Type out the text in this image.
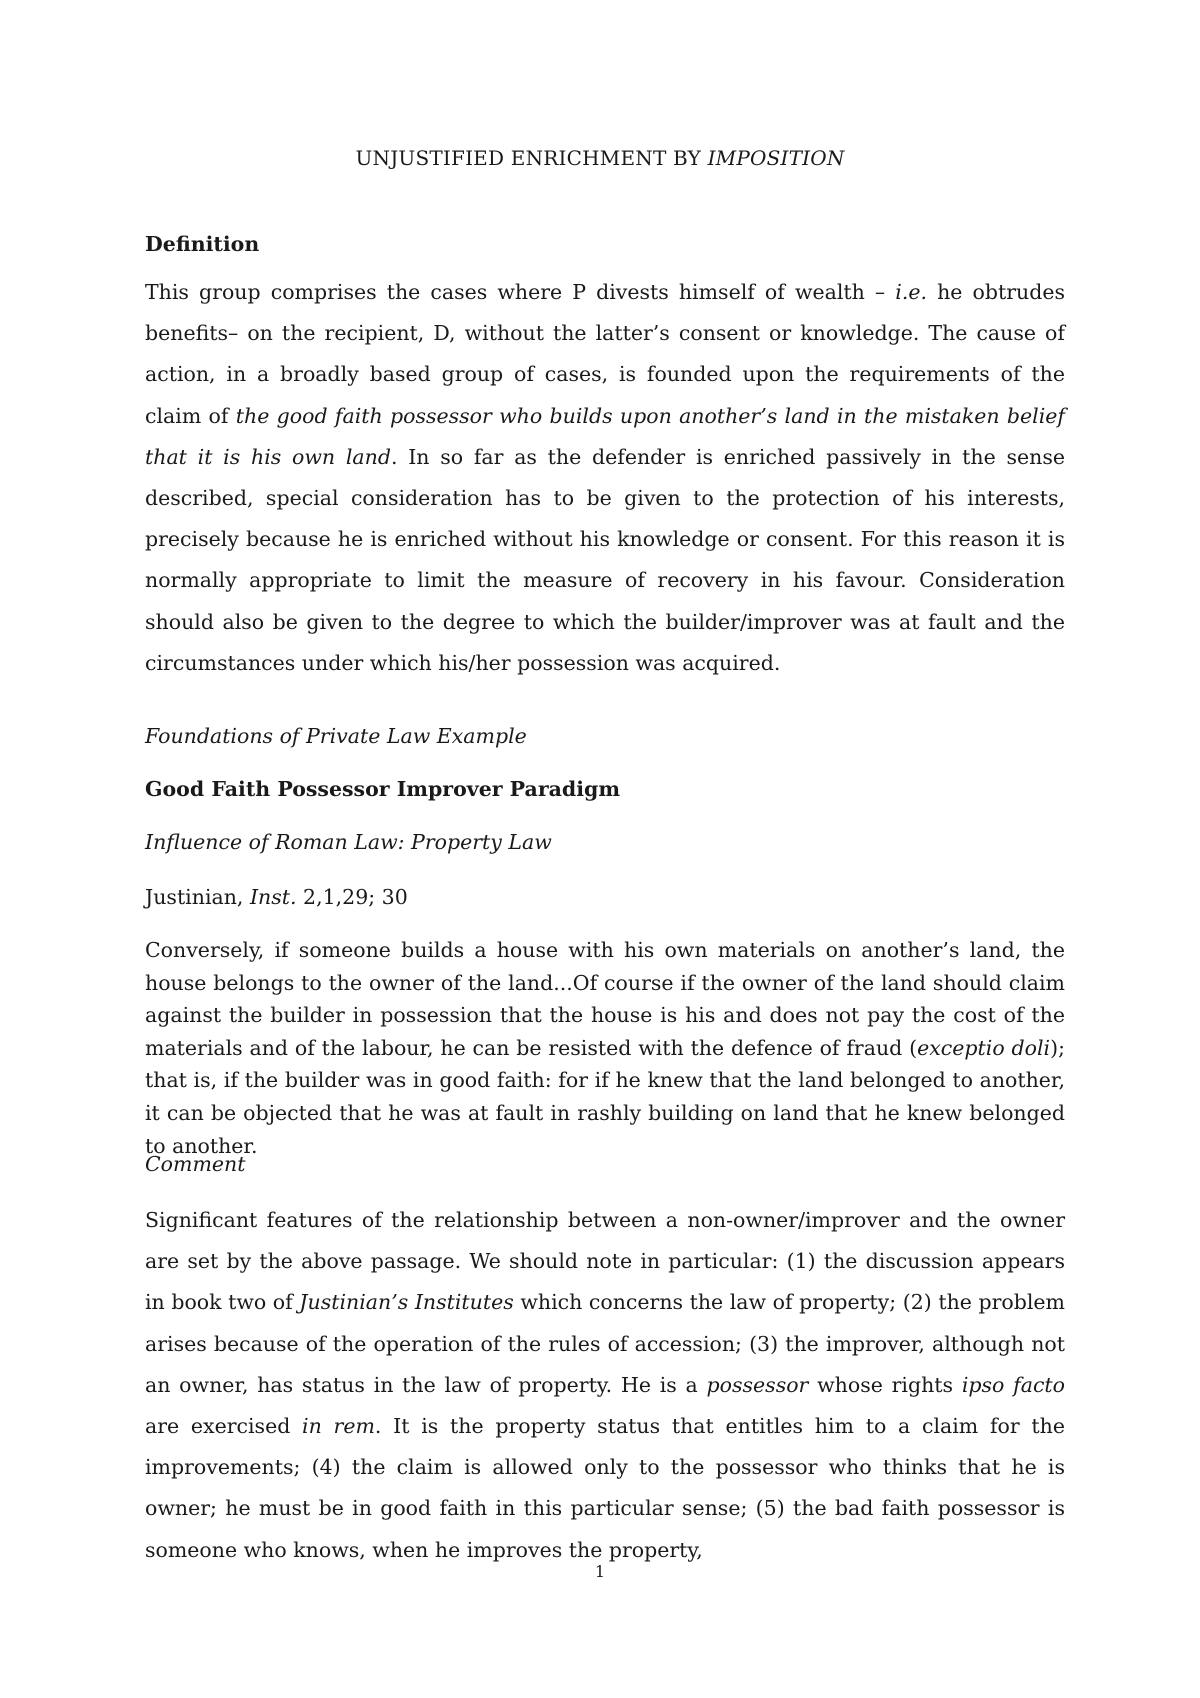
UNJUSTIFIED ENRICHMENT BY IMPOSITION
Definition
This group comprises the cases where P divests himself of wealth – i.e. he obtrudes benefits– on the recipient, D, without the latter’s consent or knowledge. The cause of action, in a broadly based group of cases, is founded upon the requirements of the claim of the good faith possessor who builds upon another’s land in the mistaken belief that it is his own land. In so far as the defender is enriched passively in the sense described, special consideration has to be given to the protection of his interests, precisely because he is enriched without his knowledge or consent. For this reason it is normally appropriate to limit the measure of recovery in his favour. Consideration should also be given to the degree to which the builder/improver was at fault and the circumstances under which his/her possession was acquired.
Foundations of Private Law Example
Good Faith Possessor Improver Paradigm
Influence of Roman Law: Property Law
Justinian, Inst. 2,1,29; 30
Conversely, if someone builds a house with his own materials on another’s land, the house belongs to the owner of the land...Of course if the owner of the land should claim against the builder in possession that the house is his and does not pay the cost of the materials and of the labour, he can be resisted with the defence of fraud (exceptio doli); that is, if the builder was in good faith: for if he knew that the land belonged to another, it can be objected that he was at fault in rashly building on land that he knew belonged to another.
Comment
Significant features of the relationship between a non-owner/improver and the owner are set by the above passage. We should note in particular: (1) the discussion appears in book two of Justinian’s Institutes which concerns the law of property; (2) the problem arises because of the operation of the rules of accession; (3) the improver, although not an owner, has status in the law of property. He is a possessor whose rights ipso facto are exercised in rem. It is the property status that entitles him to a claim for the improvements; (4) the claim is allowed only to the possessor who thinks that he is owner; he must be in good faith in this particular sense; (5) the bad faith possessor is someone who knows, when he improves the property,
1
